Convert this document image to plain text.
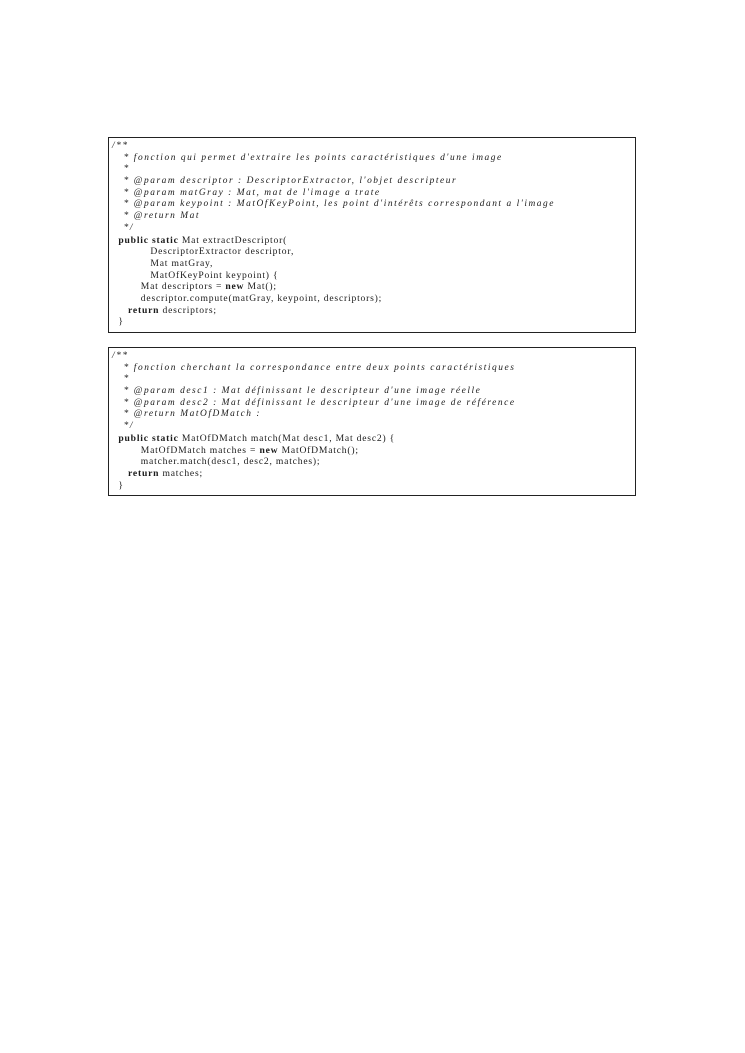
/**
* fonction qui permet d'extraire les points caractéristiques d'une image
*
* @param descriptor : DescriptorExtractor, l'objet descripteur
* @param matGray : Mat, mat de l'image a trate
* @param keypoint : MatOfKeyPoint, les point d'intérêts correspondant a l'image
* @return Mat
*/
public static Mat extractDescriptor(
DescriptorExtractor descriptor,
Mat matGray,
MatOfKeyPoint keypoint) {
Mat descriptors = new Mat();
descriptor.compute(matGray, keypoint, descriptors);
return descriptors;
}
/**
* fonction cherchant la correspondance entre deux points caractéristiques
*
* @param desc1 : Mat définissant le descripteur d'une image réelle
* @param desc2 : Mat définissant le descripteur d'une image de référence
* @return MatOfDMatch :
*/
public static MatOfDMatch match(Mat desc1, Mat desc2) {
MatOfDMatch matches = new MatOfDMatch();
matcher.match(desc1, desc2, matches);
return matches;
}
